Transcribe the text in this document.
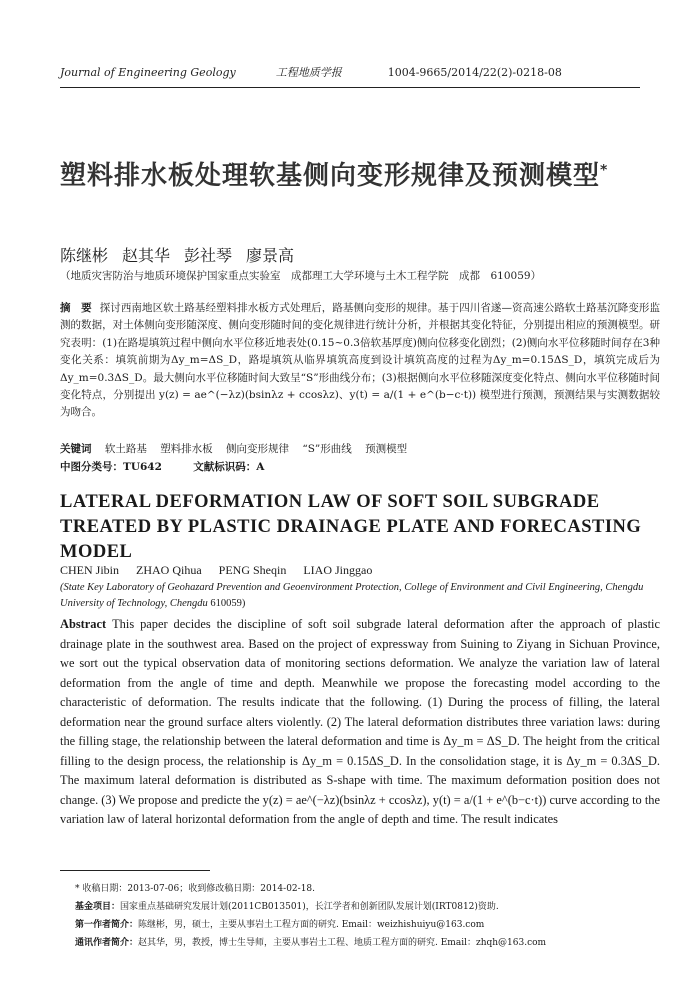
Journal of Engineering Geology	工程地质学报	1004-9665/2014/22(2)-0218-08
塑料排水板处理软基侧向变形规律及预测模型*
陈继彬 赵其华 彭社琴 廖景高
（地质灾害防治与地质环境保护国家重点实验室　成都理工大学环境与土木工程学院　成都　610059）
摘　要 探讨西南地区软土路基经塑料排水板方式处理后，路基侧向变形的规律。基于四川省遂—资高速公路软土路基沉降变形监测的数据，对土体侧向变形随深度、侧向变形随时间的变化规律进行统计分析，并根据其变化特征，分别提出相应的预测模型。研究表明：(1)在路堤填筑过程中侧向水平位移近地表处(0.15~0.3倍软基厚度)侧向位移变化剧烈；(2)侧向水平位移随时间存在3种变化关系：填筑前期为Δy_m=ΔS_D，路堤填筑从临界填筑高度到设计填筑高度的过程为Δy_m=0.15ΔS_D，填筑完成后为Δy_m=0.3ΔS_D。最大侧向水平位移随时间大致呈“S”形曲线分布；(3)根据侧向水平位移随深度变化特点、侧向水平位移随时间变化特点，分别提出 y(z) = ae^(−λz)(bsinλz + ccosλz)、y(t) = a/(1 + e^(b−c·t)) 模型进行预测，预测结果与实测数据较为吻合。
关键词 软土路基 塑料排水板 侧向变形规律 “S”形曲线 预测模型
中图分类号：TU642	文献标识码：A
LATERAL DEFORMATION LAW OF SOFT SOIL SUBGRADE TREATED BY PLASTIC DRAINAGE PLATE AND FORECASTING MODEL
CHEN Jibin ZHAO Qihua PENG Sheqin LIAO Jinggao
(State Key Laboratory of Geohazard Prevention and Geoenvironment Protection, College of Environment and Civil Engineering, Chengdu University of Technology, Chengdu 610059)
Abstract This paper decides the discipline of soft soil subgrade lateral deformation after the approach of plastic drainage plate in the southwest area. Based on the project of expressway from Suining to Ziyang in Sichuan Province, we sort out the typical observation data of monitoring sections deformation. We analyze the variation law of lateral deformation from the angle of time and depth. Meanwhile we propose the forecasting model according to the characteristic of deformation. The results indicate that the following. (1) During the process of filling, the lateral deformation near the ground surface alters violently. (2) The lateral deformation distributes three variation laws: during the filling stage, the relationship between the lateral deformation and time is Δy_m = ΔS_D. The height from the critical filling to the design process, the relationship is Δy_m = 0.15ΔS_D. In the consolidation stage, it is Δy_m = 0.3ΔS_D. The maximum lateral deformation is distributed as S-shape with time. The maximum deformation position does not change. (3) We propose and predicte the y(z) = ae^(−λz)(bsinλz + ccosλz), y(t) = a/(1 + e^(b−c·t)) curve according to the variation law of lateral horizontal deformation from the angle of depth and time. The result indicates
* 收稿日期：2013-07-06；收到修改稿日期：2014-02-18.
基金项目：国家重点基础研究发展计划(2011CB013501)，长江学者和创新团队发展计划(IRT0812)资助.
第一作者简介：陈继彬，男，硕士，主要从事岩土工程方面的研究. Email：weizhishuiyu@163.com
通讯作者简介：赵其华，男，教授，博士生导师，主要从事岩土工程、地质工程方面的研究. Email：zhqh@163.com
